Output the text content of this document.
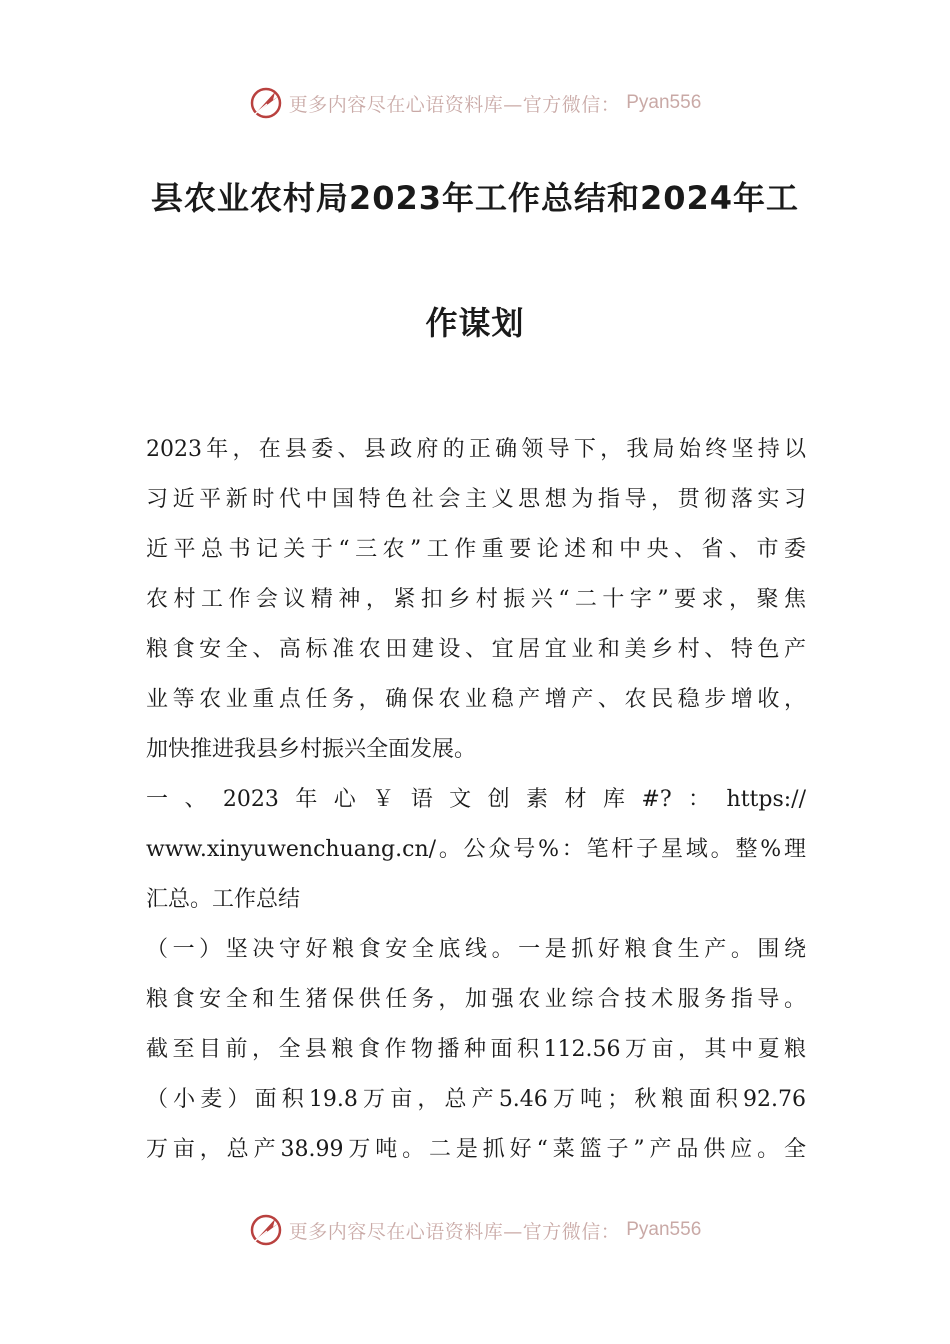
更多内容尽在心语资料库—官方微信： Pyan556
县农业农村局2023年工作总结和2024年工
作谋划
2023年，在县委、县政府的正确领导下，我局始终坚持以
习近平新时代中国特色社会主义思想为指导，贯彻落实习
近平总书记关于“三农”工作重要论述和中央、省、市委
农村工作会议精神，紧扣乡村振兴“二十字”要求，聚焦
粮食安全、高标准农田建设、宜居宜业和美乡村、特色产
业等农业重点任务，确保农业稳产增产、农民稳步增收，
加快推进我县乡村振兴全面发展。
一、2023年心￥语文创素材库#?：https://
www.xinyuwenchuang.cn/。公众号%：笔杆子星域。整%理
汇总。工作总结
（一）坚决守好粮食安全底线。一是抓好粮食生产。围绕
粮食安全和生猪保供任务，加强农业综合技术服务指导。
截至目前，全县粮食作物播种面积112.56万亩，其中夏粮
（小麦）面积19.8万亩，总产5.46万吨；秋粮面积92.76
万亩，总产38.99万吨。二是抓好“菜篮子”产品供应。全
更多内容尽在心语资料库—官方微信： Pyan556
